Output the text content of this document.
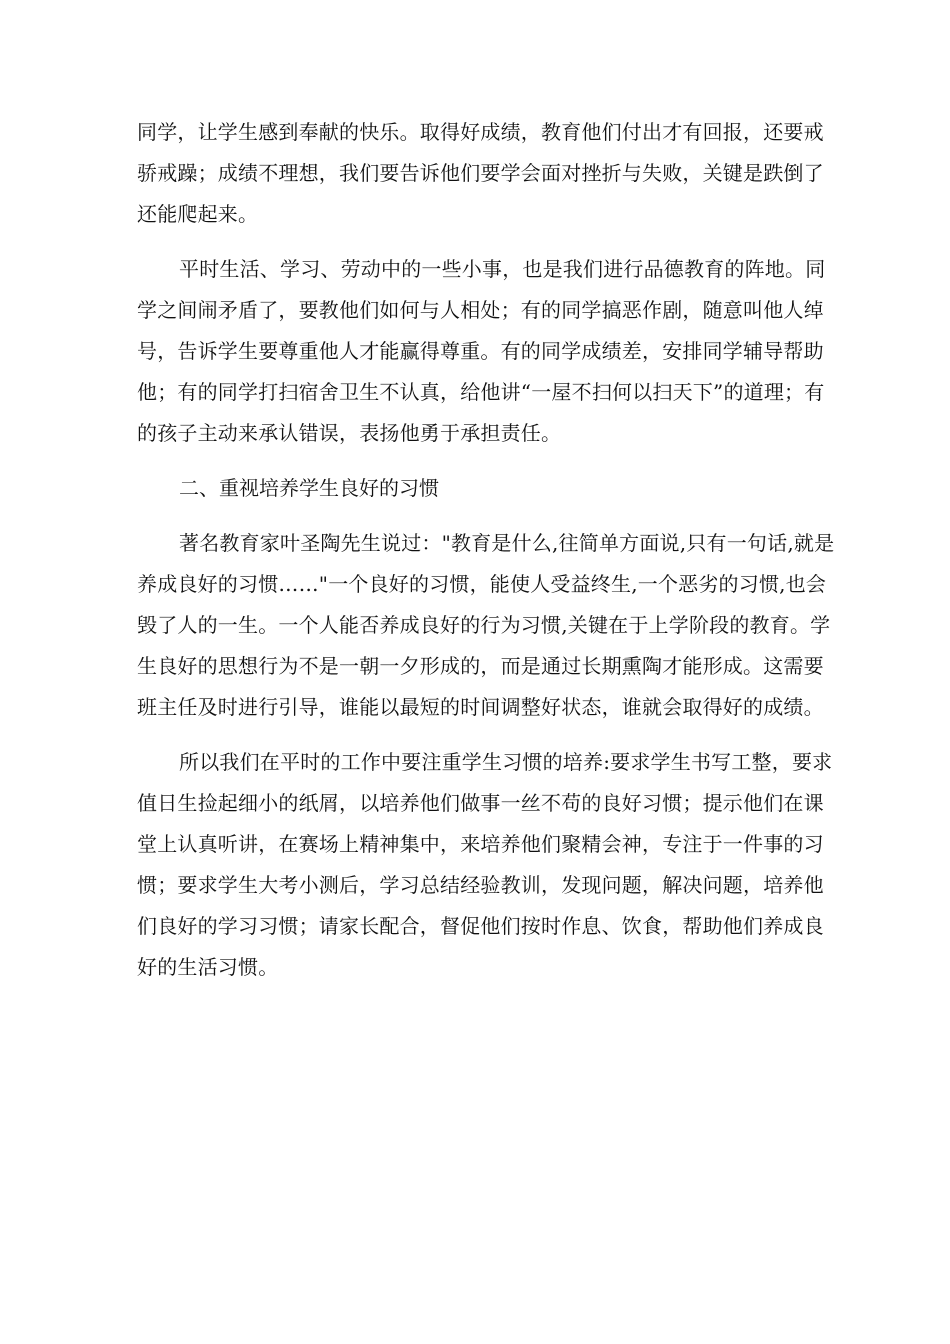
同学，让学生感到奉献的快乐。取得好成绩，教育他们付出才有回报，还要戒骄戒躁；成绩不理想，我们要告诉他们要学会面对挫折与失败，关键是跌倒了还能爬起来。

平时生活、学习、劳动中的一些小事，也是我们进行品德教育的阵地。同学之间闹矛盾了，要教他们如何与人相处；有的同学搞恶作剧，随意叫他人绰号，告诉学生要尊重他人才能赢得尊重。有的同学成绩差，安排同学辅导帮助他；有的同学打扫宿舍卫生不认真，给他讲“一屋不扫何以扫天下”的道理；有的孩子主动来承认错误，表扬他勇于承担责任。

二、重视培养学生良好的习惯

著名教育家叶圣陶先生说过："教育是什么,往简单方面说,只有一句话,就是养成良好的习惯……"一个良好的习惯，能使人受益终生,一个恶劣的习惯,也会毁了人的一生。一个人能否养成良好的行为习惯,关键在于上学阶段的教育。学生良好的思想行为不是一朝一夕形成的，而是通过长期熏陶才能形成。这需要班主任及时进行引导，谁能以最短的时间调整好状态，谁就会取得好的成绩。

所以我们在平时的工作中要注重学生习惯的培养:要求学生书写工整，要求值日生捡起细小的纸屑，以培养他们做事一丝不苟的良好习惯；提示他们在课堂上认真听讲，在赛场上精神集中，来培养他们聚精会神，专注于一件事的习惯；要求学生大考小测后，学习总结经验教训，发现问题，解决问题，培养他们良好的学习习惯；请家长配合，督促他们按时作息、饮食，帮助他们养成良好的生活习惯。
